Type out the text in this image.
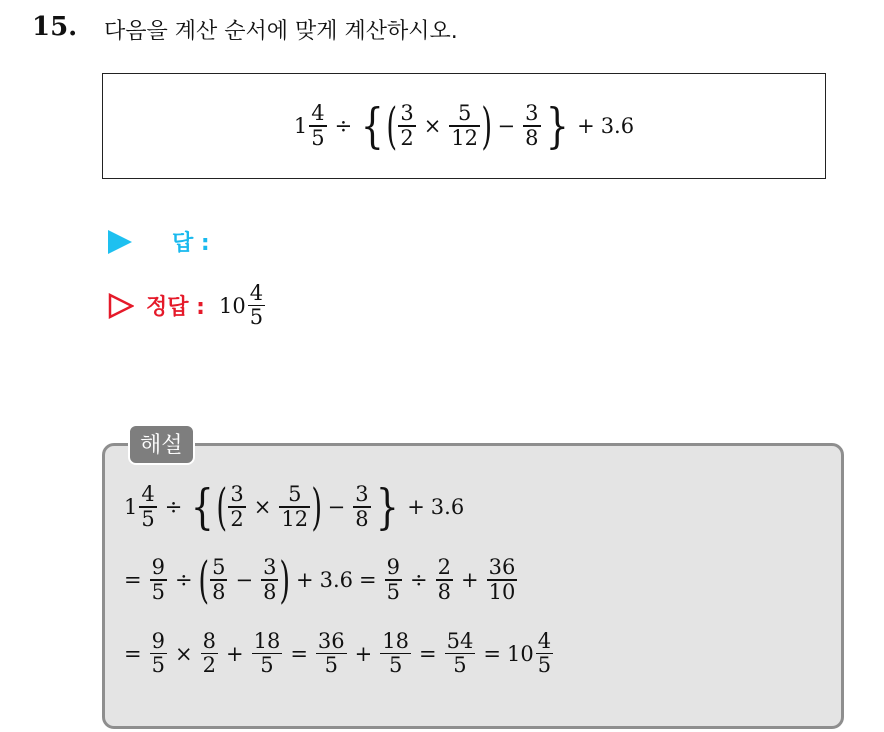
15. 다음을 계산 순서에 맞게 계산하시오.
$1 \frac{4}{5}$ ÷ { ( $\frac{3}{2} \times \frac{5}{12}$ ) − $\frac{3}{8}$ } + 3.6
답 :
정답 : $10 \frac{4}{5}$
해설
$1 \frac{4}{5}$ ÷ { ( $\frac{3}{2} \times \frac{5}{12}$ ) − $\frac{3}{8}$ } + 3.6
= $\frac{9}{5}$ ÷ ( $\frac{5}{8} - \frac{3}{8}$ ) + $3.6 = \frac{9}{5} \div \frac{2}{8} + \frac{36}{10}$
= $\frac{9}{5} \times \frac{8}{2} + \frac{18}{5} = \frac{36}{5} + \frac{18}{5} = \frac{54}{5} = 10 \frac{4}{5}$
